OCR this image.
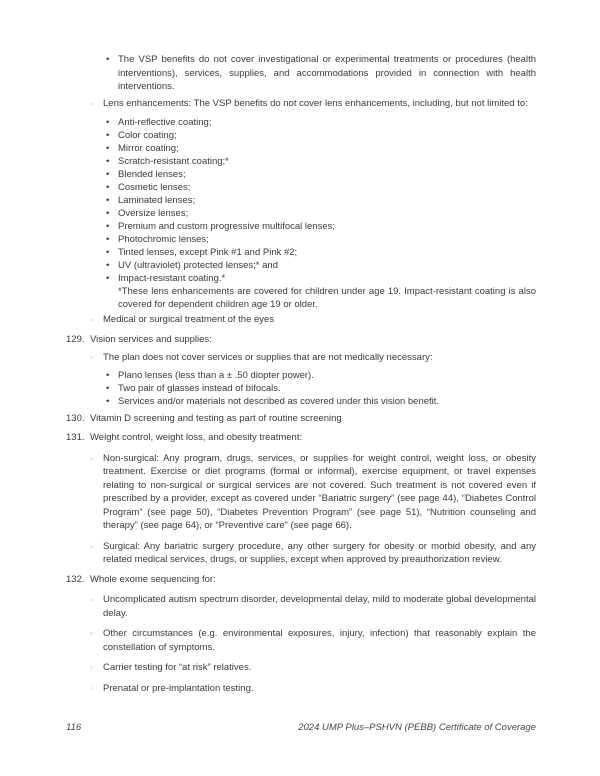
• The VSP benefits do not cover investigational or experimental treatments or procedures (health interventions), services, supplies, and accommodations provided in connection with health interventions.
◦	Lens enhancements: The VSP benefits do not cover lens enhancements, including, but not limited to:
• Anti-reflective coating;
• Color coating;
• Mirror coating;
• Scratch-resistant coating;*
• Blended lenses;
• Cosmetic lenses;
• Laminated lenses;
• Oversize lenses;
• Premium and custom progressive multifocal lenses;
• Photochromic lenses;
• Tinted lenses, except Pink #1 and Pink #2;
• UV (ultraviolet) protected lenses;* and
• Impact-resistant coating.*
*These lens enhancements are covered for children under age 19. Impact-resistant coating is also covered for dependent children age 19 or older.
◦	Medical or surgical treatment of the eyes
129. Vision services and supplies:
◦	The plan does not cover services or supplies that are not medically necessary:
• Plano lenses (less than a ± .50 diopter power).
• Two pair of glasses instead of bifocals.
• Services and/or materials not described as covered under this vision benefit.
130. Vitamin D screening and testing as part of routine screening
131. Weight control, weight loss, and obesity treatment:
◦	Non-surgical: Any program, drugs, services, or supplies for weight control, weight loss, or obesity treatment. Exercise or diet programs (formal or informal), exercise equipment, or travel expenses relating to non-surgical or surgical services are not covered. Such treatment is not covered even if prescribed by a provider, except as covered under “Bariatric surgery” (see page 44), “Diabetes Control Program” (see page 50), “Diabetes Prevention Program” (see page 51), “Nutrition counseling and therapy” (see page 64), or “Preventive care” (see page 66).
◦	Surgical: Any bariatric surgery procedure, any other surgery for obesity or morbid obesity, and any related medical services, drugs, or supplies, except when approved by preauthorization review.
132. Whole exome sequencing for:
◦	Uncomplicated autism spectrum disorder, developmental delay, mild to moderate global developmental delay.
◦	Other circumstances (e.g. environmental exposures, injury, infection) that reasonably explain the constellation of symptoms.
◦	Carrier testing for “at risk” relatives.
◦	Prenatal or pre-implantation testing.
116	2024 UMP Plus–PSHVN (PEBB) Certificate of Coverage
